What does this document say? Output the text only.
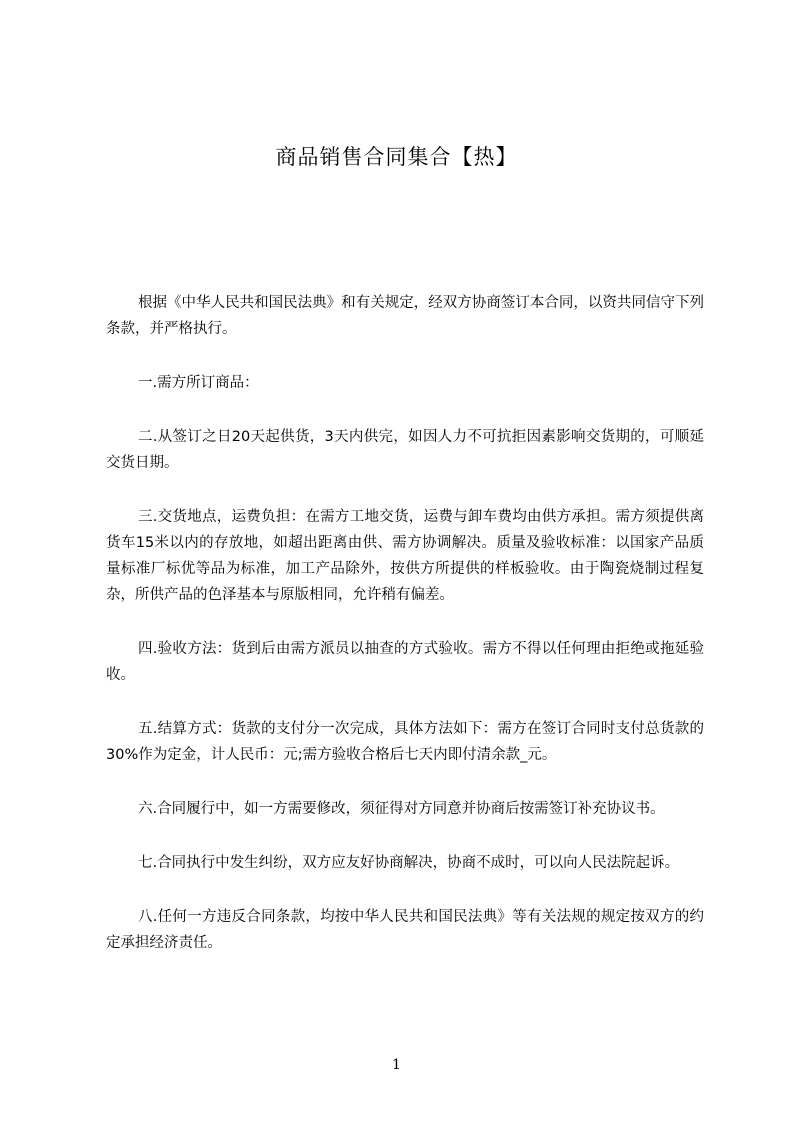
商品销售合同集合【热】

根据《中华人民共和国民法典》和有关规定，经双方协商签订本合同，以资共同信守下列条款，并严格执行。

一.需方所订商品：

二.从签订之日20天起供货，3天内供完，如因人力不可抗拒因素影响交货期的，可顺延交货日期。

三.交货地点，运费负担：在需方工地交货，运费与卸车费均由供方承担。需方须提供离货车15米以内的存放地，如超出距离由供、需方协调解决。质量及验收标准：以国家产品质量标准厂标优等品为标准，加工产品除外，按供方所提供的样板验收。由于陶瓷烧制过程复杂，所供产品的色泽基本与原版相同，允许稍有偏差。

四.验收方法：货到后由需方派员以抽查的方式验收。需方不得以任何理由拒绝或拖延验收。

五.结算方式：货款的支付分一次完成，具体方法如下：需方在签订合同时支付总货款的30%作为定金，计人民币：元;需方验收合格后七天内即付清余款_元。

六.合同履行中，如一方需要修改，须征得对方同意并协商后按需签订补充协议书。

七.合同执行中发生纠纷，双方应友好协商解决，协商不成时，可以向人民法院起诉。

八.任何一方违反合同条款，均按中华人民共和国民法典》等有关法规的规定按双方的约定承担经济责任。

1
